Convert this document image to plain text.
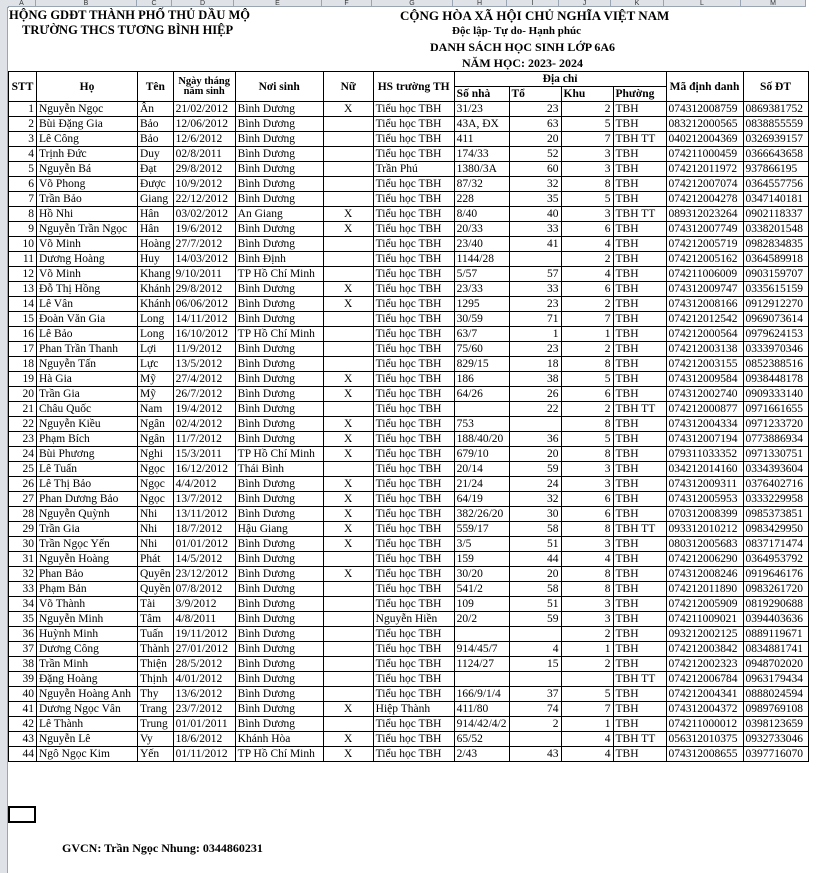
A	B	C	D	E	F	G	H	I	J	K	L	M
HỘNG GDĐT THÀNH PHỐ THỦ DẦU MỘ
TRƯỜNG THCS TƯƠNG BÌNH HIỆP
CỘNG HÒA XÃ HỘI CHỦ NGHĨA VIỆT NAM
Độc lập- Tự do- Hạnh phúc
DANH SÁCH HỌC SINH LỚP 6A6
NĂM HỌC: 2023- 2024
STT	Họ	Tên	Ngày tháng năm sinh	Nơi sinh	Nữ	HS trường TH	Địa chỉ				Mã định danh	Số ĐT
							Số nhà	Tổ	Khu	Phường		
1	Nguyễn Ngọc	Ân	21/02/2012	Bình Dương	X	Tiểu học TBH	31/23	23	2	TBH	074312008759	0869381752
2	Bùi Đặng Gia	Bảo	12/06/2012	Bình Dương		Tiểu học TBH	43A, ĐX	63	5	TBH	083212000565	0838855559
3	Lê Công	Bảo	12/6/2012	Bình Dương		Tiểu học TBH	411	20	7	TBH TT	040212004369	0326939157
4	Trịnh Đức	Duy	02/8/2011	Bình Dương		Tiểu học TBH	174/33	52	3	TBH	074211000459	0366643658
5	Nguyễn Bá	Đạt	29/8/2012	Bình Dương		Trần Phú	1380/3A	60	3	TBH	074212011972	937866195
6	Võ Phong	Được	10/9/2012	Bình Dương		Tiểu học TBH	87/32	32	8	TBH	074212007074	0364557756
7	Trần Bảo	Giang	22/12/2012	Bình Dương		Tiểu học TBH	228	35	5	TBH	074212004278	0347140181
8	Hồ Nhi	Hân	03/02/2012	An Giang	X	Tiểu học TBH	8/40	40	3	TBH TT	089312023264	0902118337
9	Nguyễn Trần Ngọc	Hân	19/6/2012	Bình Dương	X	Tiểu học TBH	20/33	33	6	TBH	074312007749	0338201548
10	Võ Minh	Hoàng	27/7/2012	Bình Dương		Tiểu học TBH	23/40	41	4	TBH	074212005719	0982834835
11	Dương Hoàng	Huy	14/03/2012	Bình Định		Tiểu học TBH	1144/28		2	TBH	074212005162	0364589918
12	Võ Minh	Khang	9/10/2011	TP Hồ Chí Minh		Tiểu học TBH	5/57	57	4	TBH	074211006009	0903159707
13	Đỗ Thị Hồng	Khánh	29/8/2012	Bình Dương	X	Tiểu học TBH	23/33	33	6	TBH	074312009747	0335615159
14	Lê Vân	Khánh	06/06/2012	Bình Dương	X	Tiểu học TBH	1295	23	2	TBH	074312008166	0912912270
15	Đoàn Văn Gia	Long	14/11/2012	Bình Dương		Tiểu học TBH	30/59	71	7	TBH	074212012542	0969073614
16	Lê Bảo	Long	16/10/2012	TP Hồ Chí Minh		Tiểu học TBH	63/7	1	1	TBH	074212000564	0979624153
17	Phan Trần Thanh	Lợi	11/9/2012	Bình Dương		Tiểu học TBH	75/60	23	2	TBH	074212003138	0333970346
18	Nguyễn Tấn	Lực	13/5/2012	Bình Dương		Tiểu học TBH	829/15	18	8	TBH	074212003155	0852388516
19	Hà Gia	Mỹ	27/4/2012	Bình Dương	X	Tiểu học TBH	186	38	5	TBH	074312009584	0938448178
20	Trần Gia	Mỹ	26/7/2012	Bình Dương	X	Tiểu học TBH	64/26	26	6	TBH	074312002740	0909333140
21	Châu Quốc	Nam	19/4/2012	Bình Dương		Tiểu học TBH		22	2	TBH TT	074212000877	0971661655
22	Nguyễn Kiều	Ngân	02/4/2012	Bình Dương	X	Tiểu học TBH	753		8	TBH	074312004334	0971233720
23	Phạm Bích	Ngân	11/7/2012	Bình Dương	X	Tiểu học TBH	188/40/20	36	5	TBH	074312007194	0773886934
24	Bùi Phương	Nghi	15/3/2011	TP Hồ Chí Minh	X	Tiểu học TBH	679/10	20	8	TBH	079311033352	0971330751
25	Lê Tuấn	Ngọc	16/12/2012	Thái Bình		Tiểu học TBH	20/14	59	3	TBH	034212014160	0334393604
26	Lê Thị Bảo	Ngọc	4/4/2012	Bình Dương	X	Tiểu học TBH	21/24	24	3	TBH	074312009311	0376402716
27	Phan Dương Bảo	Ngọc	13/7/2012	Bình Dương	X	Tiểu học TBH	64/19	32	6	TBH	074312005953	0333229958
28	Nguyễn Quỳnh	Nhi	13/11/2012	Bình Dương	X	Tiểu học TBH	382/26/20	30	6	TBH	070312008399	0985373851
29	Trần Gia	Nhi	18/7/2012	Hậu Giang	X	Tiểu học TBH	559/17	58	8	TBH TT	093312010212	0983429950
30	Trần Ngọc Yến	Nhi	01/01/2012	Bình Dương	X	Tiểu học TBH	3/5	51	3	TBH	080312005683	0837171474
31	Nguyễn Hoàng	Phát	14/5/2012	Bình Dương		Tiểu học TBH	159	44	4	TBH	074212006290	0364953792
32	Phan Bảo	Quyên	23/12/2012	Bình Dương	X	Tiểu học TBH	30/20	20	8	TBH	074312008246	0919646176
33	Phạm Bản	Quyền	07/8/2012	Bình Dương		Tiểu học TBH	541/2	58	8	TBH	074212011890	0983261720
34	Võ Thành	Tài	3/9/2012	Bình Dương		Tiểu học TBH	109	51	3	TBH	074212005909	0819290688
35	Nguyễn Minh	Tâm	4/8/2011	Bình Dương		Nguyễn Hiền	20/2	59	3	TBH	074211009021	0394403636
36	Huỳnh Minh	Tuấn	19/11/2012	Bình Dương		Tiểu học TBH			2	TBH	093212002125	0889119671
37	Dương Công	Thành	27/01/2012	Bình Dương		Tiểu học TBH	914/45/7	4	1	TBH	074212003842	0834881741
38	Trần Minh	Thiện	28/5/2012	Bình Dương		Tiểu học TBH	1124/27	15	2	TBH	074212002323	0948702020
39	Đặng Hoàng	Thịnh	4/01/2012	Bình Dương		Tiểu học TBH				TBH TT	074212006784	0963179434
40	Nguyễn Hoàng Anh	Thy	13/6/2012	Bình Dương		Tiểu học TBH	166/9/1/4	37	5	TBH	074212004341	0888024594
41	Dương Ngọc Vân	Trang	23/7/2012	Bình Dương	X	Hiệp Thành	411/80	74	7	TBH	074312004372	0989769108
42	Lê Thành	Trung	01/01/2011	Bình Dương		Tiểu học TBH	914/42/4/2	2	1	TBH	074211000012	0398123659
43	Nguyễn Lê	Vy	18/6/2012	Khánh Hòa	X	Tiểu học TBH	65/52		4	TBH TT	056312010375	0932733046
44	Ngô Ngọc Kim	Yến	01/11/2012	TP Hồ Chí Minh	X	Tiểu học TBH	2/43	43	4	TBH	074312008655	0397716070
GVCN: Trần Ngọc Nhung: 0344860231
